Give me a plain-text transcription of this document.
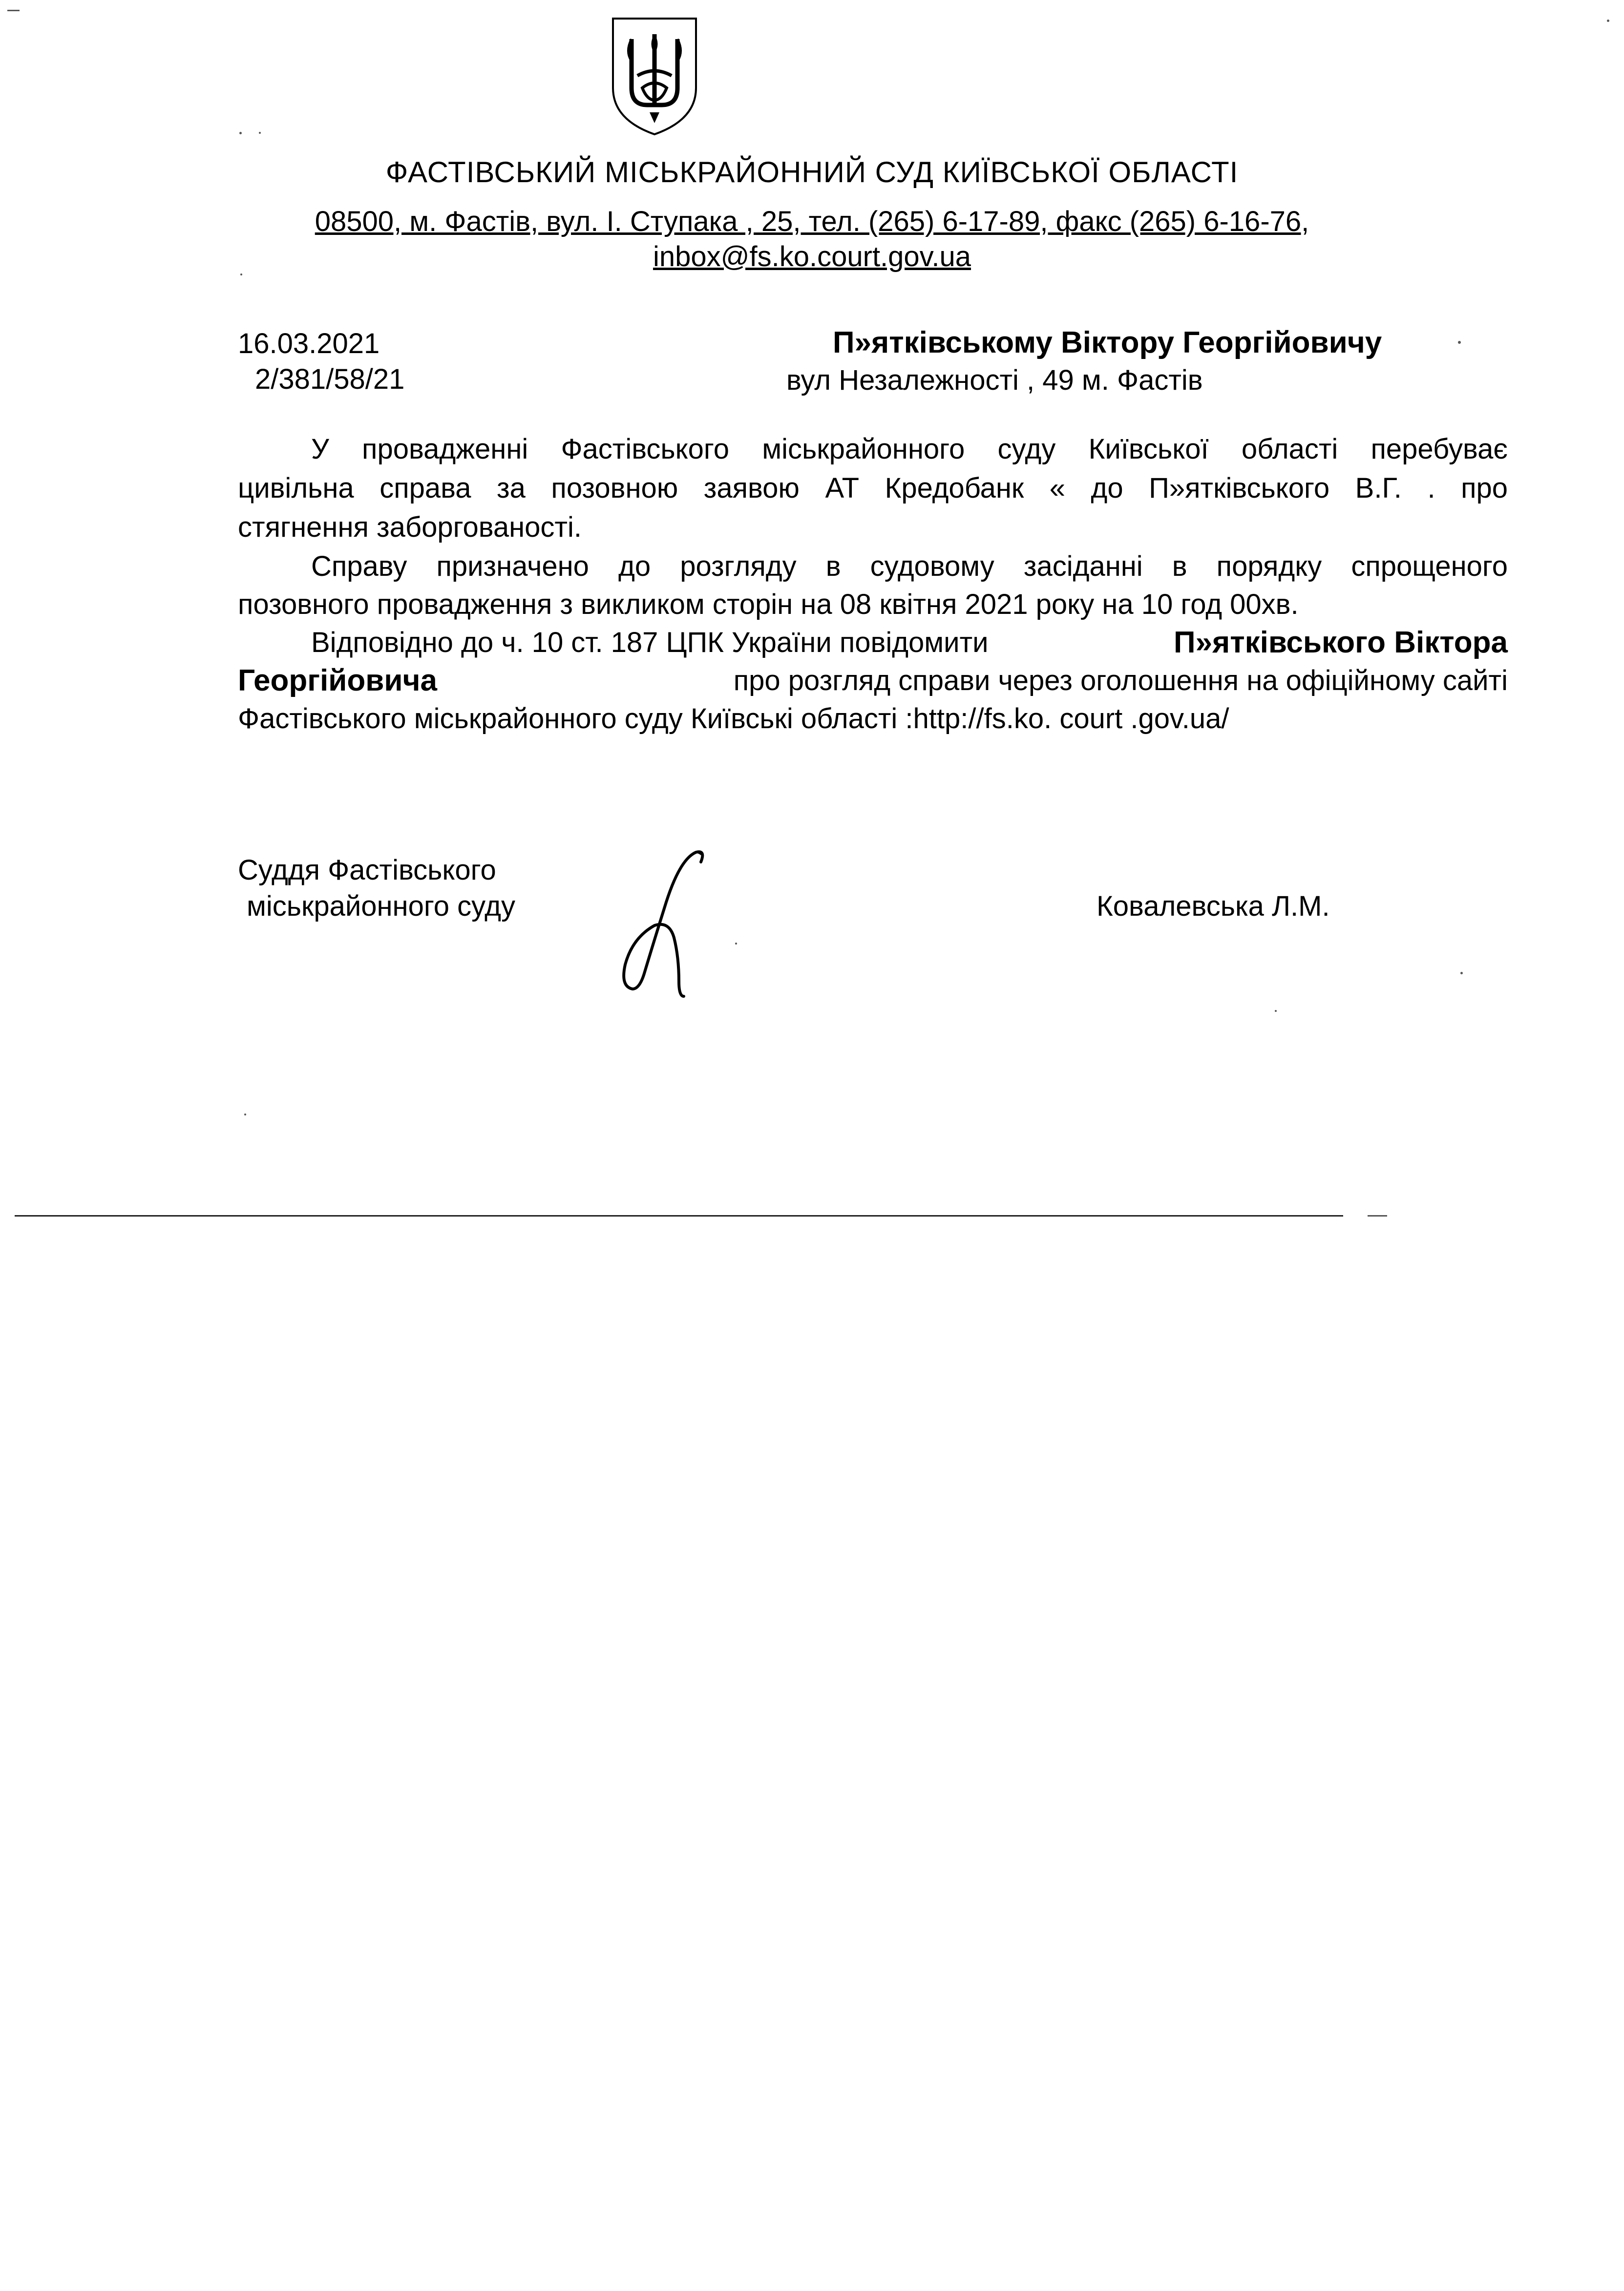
ФАСТІВСЬКИЙ МІСЬКРАЙОННИЙ СУД КИЇВСЬКОЇ ОБЛАСТІ
08500, м. Фастів, вул. І. Ступака , 25, тел. (265) 6-17-89, факс (265) 6-16-76,
inbox@fs.ko.court.gov.ua
16.03.2021
2/381/58/21
П»ятківському Віктору Георгійовичу
вул Незалежності , 49 м. Фастів
У провадженні Фастівського міськрайонного суду Київської області перебуває
цивільна справа за позовною заявою АТ Кредобанк « до П»ятківського В.Г. . про
стягнення заборгованості.
Справу призначено до розгляду в судовому засіданні в порядку спрощеного
позовного провадження з викликом сторін на 08 квітня 2021 року на 10 год 00хв.
Відповідно до ч. 10 ст. 187 ЦПК України повідомити	П»ятківського Віктора
Георгійовича	про розгляд справи через оголошення на офіційному сайті
Фастівського міськрайонного суду Київські області :http://fs.ko. court .gov.ua/
Суддя Фастівського
міськрайонного суду	Ковалевська Л.М.
